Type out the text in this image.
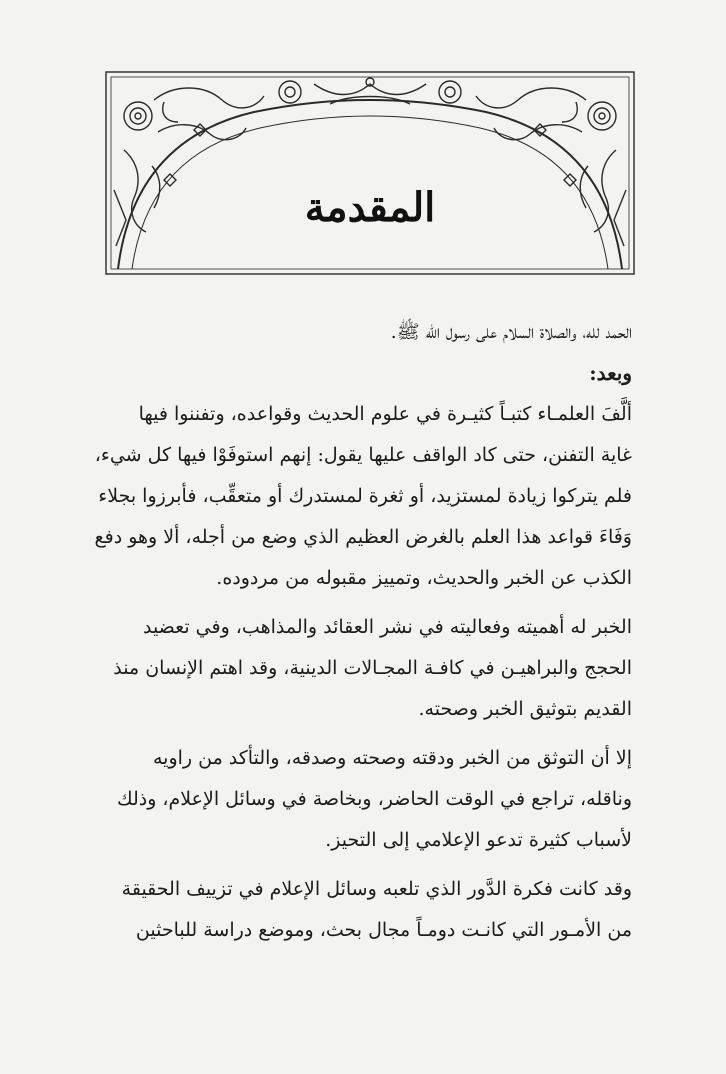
المقدمة
الحمد لله، والصلاة السلام على رسول الله ﷺ.
وبعد:
ألَّفَ العلمـاء كتبـاً كثيـرة في علوم الحديث وقواعده، وتفننوا فيها
غاية التفنن، حتى كاد الواقف عليها يقول: إنهم استوفَوْا فيها كل شيء،
فلم يتركوا زيادة لمستزيد، أو ثغرة لمستدرك أو متعقِّب، فأبرزوا بجلاء
وَفَاءَ قواعد هذا العلم بالغرض العظيم الذي وضع من أجله، ألا وهو دفع
الكذب عن الخبر والحديث، وتمييز مقبوله من مردوده.
الخبر له أهميته وفعاليته في نشر العقائد والمذاهب، وفي تعضيد
الحجج والبراهيـن في كافـة المجـالات الدينية، وقد اهتم الإنسان منذ
القديم بتوثيق الخبر وصحته.
إلا أن التوثق من الخبر ودقته وصحته وصدقه، والتأكد من راويه
وناقله، تراجع في الوقت الحاضر، وبخاصة في وسائل الإعلام، وذلك
لأسباب كثيرة تدعو الإعلامي إلى التحيز.
وقد كانت فكرة الدَّور الذي تلعبه وسائل الإعلام في تزييف الحقيقة
من الأمـور التي كانـت دومـاً مجال بحث، وموضع دراسة للباحثين
